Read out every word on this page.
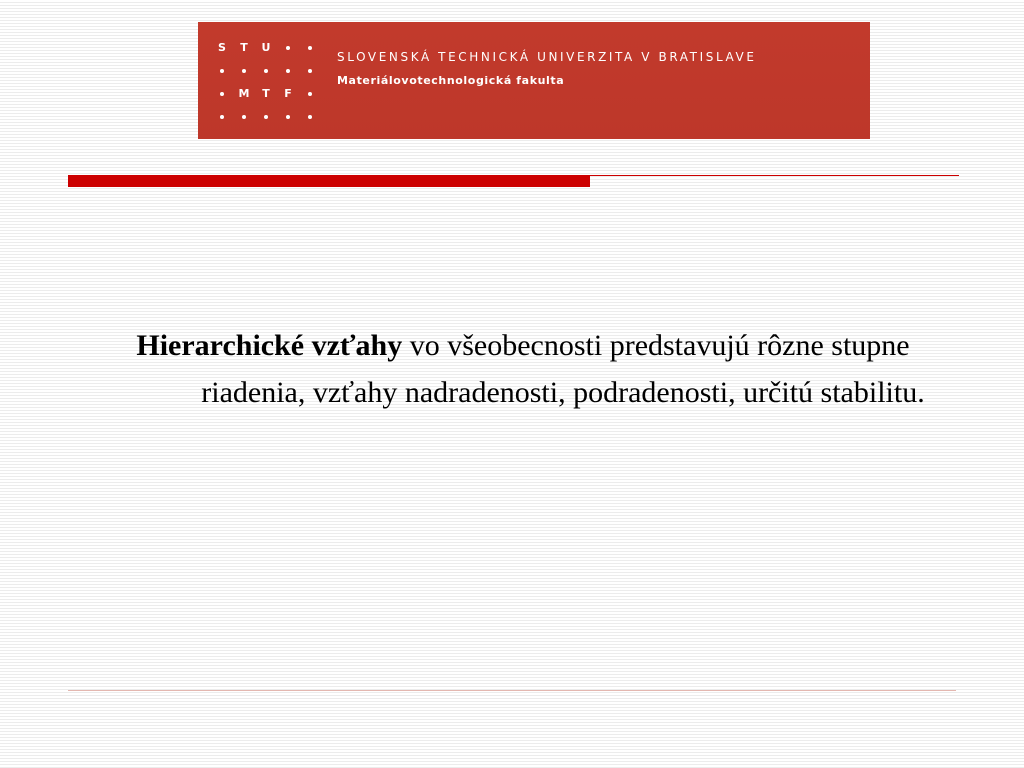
S	T	U
M	T	F
SLOVENSKÁ TECHNICKÁ UNIVERZITA V BRATISLAVE
Materiálovotechnologická fakulta

Hierarchické vzťahy vo všeobecnosti predstavujú rôzne stupne riadenia, vzťahy nadradenosti, podradenosti, určitú stabilitu.
